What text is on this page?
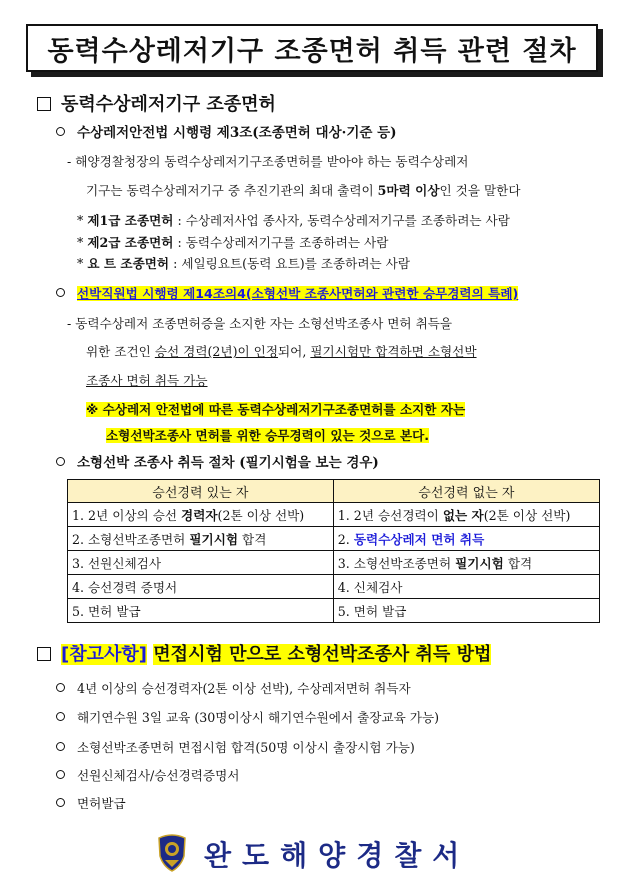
동력수상레저기구 조종면허 취득 관련 절차
동력수상레저기구 조종면허
수상레저안전법 시행령 제3조(조종면허 대상·기준 등)
- 해양경찰청장의 동력수상레저기구조종면허를 받아야 하는 동력수상레저
기구는 동력수상레저기구 중 추진기관의 최대 출력이 5마력 이상인 것을 말한다
* 제1급 조종면허 : 수상레저사업 종사자, 동력수상레저기구를 조종하려는 사람
* 제2급 조종면허 : 동력수상레저기구를 조종하려는 사람
* 요 트 조종면허 : 세일링요트(동력 요트)를 조종하려는 사람
선박직원법 시행령 제14조의4(소형선박 조종사면허와 관련한 승무경력의 특례)
- 동력수상레저 조종면허증을 소지한 자는 소형선박조종사 면허 취득을
위한 조건인 승선 경력(2년)이 인정되어, 필기시험만 합격하면 소형선박
조종사 면허 취득 가능
※ 수상레저 안전법에 따른 동력수상레저기구조종면허를 소지한 자는
소형선박조종사 면허를 위한 승무경력이 있는 것으로 본다.
소형선박 조종사 취득 절차 (필기시험을 보는 경우)
승선경력 있는 자	승선경력 없는 자
1. 2년 이상의 승선 경력자(2톤 이상 선박)	1. 2년 승선경력이 없는 자(2톤 이상 선박)
2. 소형선박조종면허 필기시험 합격	2. 동력수상레저 면허 취득
3. 선원신체검사	3. 소형선박조종면허 필기시험 합격
4. 승선경력 증명서	4. 신체검사
5. 면허 발급	5. 면허 발급
[참고사항] 면접시험 만으로 소형선박조종사 취득 방법
4년 이상의 승선경력자(2톤 이상 선박), 수상레저면허 취득자
해기연수원 3일 교육 (30명이상시 해기연수원에서 출장교육 가능)
소형선박조종면허 면접시험 합격(50명 이상시 출장시험 가능)
선원신체검사/승선경력증명서
면허발급
완도해양경찰서
